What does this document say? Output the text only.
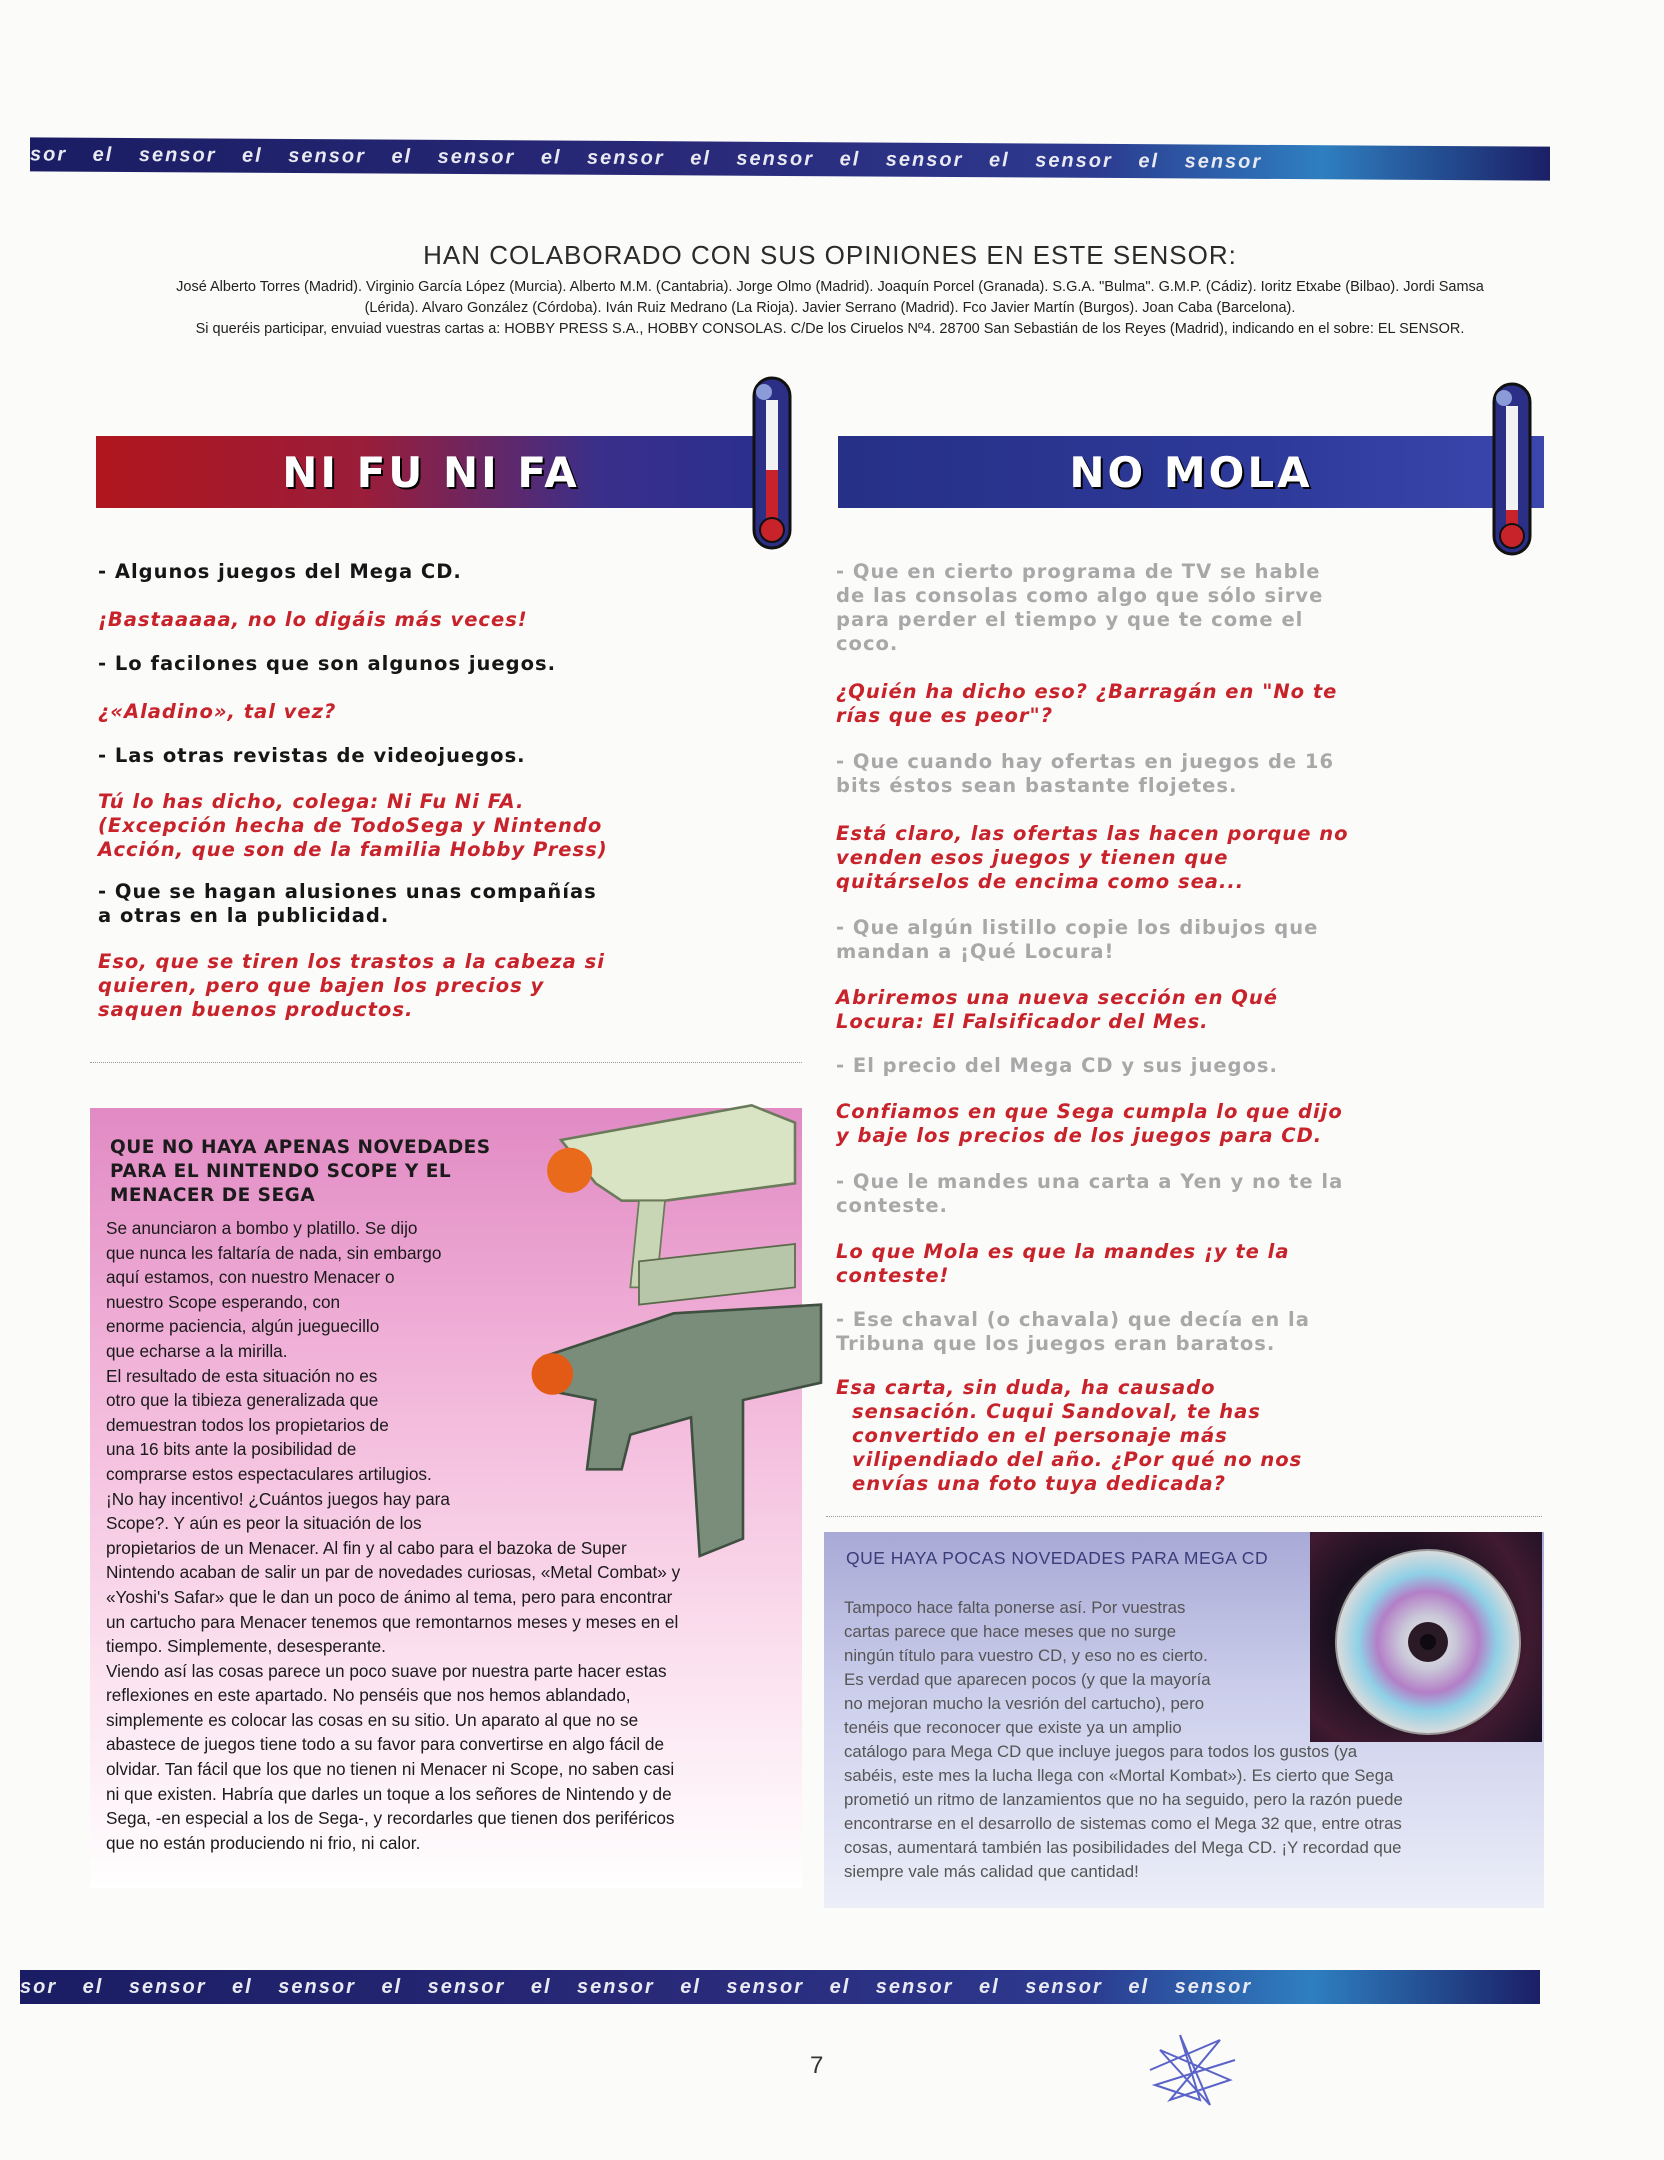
sor el sensor el sensor el sensor el sensor el sensor el sensor el sensor el sensor
HAN COLABORADO CON SUS OPINIONES EN ESTE SENSOR:

José Alberto Torres (Madrid). Virginio García López (Murcia). Alberto M.M. (Cantabria). Jorge Olmo (Madrid). Joaquín Porcel (Granada). S.G.A. "Bulma". G.M.P. (Cádiz). Ioritz Etxabe (Bilbao). Jordi Samsa

(Lérida). Alvaro González (Córdoba). Iván Ruiz Medrano (La Rioja). Javier Serrano (Madrid). Fco Javier Martín (Burgos). Joan Caba (Barcelona).

Si queréis participar, envuiad vuestras cartas a: HOBBY PRESS S.A., HOBBY CONSOLAS. C/De los Ciruelos Nº4. 28700 San Sebastián de los Reyes (Madrid), indicando en el sobre: EL SENSOR.

NI FU NI FA	NO MOLA
- Algunos juegos del Mega CD.
¡Bastaaaaa, no lo digáis más veces!
- Lo facilones que son algunos juegos.
¿«Aladino», tal vez?
- Las otras revistas de videojuegos.
Tú lo has dicho, colega: Ni Fu Ni FA.
(Excepción hecha de TodoSega y Nintendo
Acción, que son de la familia Hobby Press)
- Que se hagan alusiones unas compañías
a otras en la publicidad.
Eso, que se tiren los trastos a la cabeza si
quieren, pero que bajen los precios y
saquen buenos productos.
- Que en cierto programa de TV se hable
de las consolas como algo que sólo sirve
para perder el tiempo y que te come el
coco.
¿Quién ha dicho eso? ¿Barragán en "No te
rías que es peor"?
- Que cuando hay ofertas en juegos de 16
bits éstos sean bastante flojetes.
Está claro, las ofertas las hacen porque no
venden esos juegos y tienen que
quitárselos de encima como sea...
- Que algún listillo copie los dibujos que
mandan a ¡Qué Locura!
Abriremos una nueva sección en Qué
Locura: El Falsificador del Mes.
- El precio del Mega CD y sus juegos.
Confiamos en que Sega cumpla lo que dijo
y baje los precios de los juegos para CD.
- Que le mandes una carta a Yen y no te la
conteste.
Lo que Mola es que la mandes ¡y te la
conteste!
- Ese chaval (o chavala) que decía en la
Tribuna que los juegos eran baratos.
Esa carta, sin duda, ha causado
sensación. Cuqui Sandoval, te has
convertido en el personaje más
vilipendiado del año. ¿Por qué no nos
envías una foto tuya dedicada?
QUE NO HAYA APENAS NOVEDADES PARA EL NINTENDO SCOPE Y EL MENACER DE SEGA
Se anunciaron a bombo y platillo. Se dijo
que nunca les faltaría de nada, sin embargo
aquí estamos, con nuestro Menacer o
nuestro Scope esperando, con
enorme paciencia, algún jueguecillo
que echarse a la mirilla.
El resultado de esta situación no es
otro que la tibieza generalizada que
demuestran todos los propietarios de
una 16 bits ante la posibilidad de
comprarse estos espectaculares artilugios.
¡No hay incentivo! ¿Cuántos juegos hay para
Scope?. Y aún es peor la situación de los
propietarios de un Menacer. Al fin y al cabo para el bazoka de Super
Nintendo acaban de salir un par de novedades curiosas, «Metal Combat» y
«Yoshi's Safar» que le dan un poco de ánimo al tema, pero para encontrar
un cartucho para Menacer tenemos que remontarnos meses y meses en el
tiempo. Simplemente, desesperante.
Viendo así las cosas parece un poco suave por nuestra parte hacer estas
reflexiones en este apartado. No penséis que nos hemos ablandado,
simplemente es colocar las cosas en su sitio. Un aparato al que no se
abastece de juegos tiene todo a su favor para convertirse en algo fácil de
olvidar. Tan fácil que los que no tienen ni Menacer ni Scope, no saben casi
ni que existen. Habría que darles un toque a los señores de Nintendo y de
Sega, -en especial a los de Sega-, y recordarles que tienen dos periféricos
que no están produciendo ni frio, ni calor.
QUE HAYA POCAS NOVEDADES PARA MEGA CD
Tampoco hace falta ponerse así. Por vuestras
cartas parece que hace meses que no surge
ningún título para vuestro CD, y eso no es cierto.
Es verdad que aparecen pocos (y que la mayoría
no mejoran mucho la vesrión del cartucho), pero
tenéis que reconocer que existe ya un amplio
catálogo para Mega CD que incluye juegos para todos los gustos (ya
sabéis, este mes la lucha llega con «Mortal Kombat»). Es cierto que Sega
prometió un ritmo de lanzamientos que no ha seguido, pero la razón puede
encontrarse en el desarrollo de sistemas como el Mega 32 que, entre otras
cosas, aumentará también las posibilidades del Mega CD. ¡Y recordad que
siempre vale más calidad que cantidad!
sor el sensor el sensor el sensor el sensor el sensor el sensor el sensor el sensor
7
